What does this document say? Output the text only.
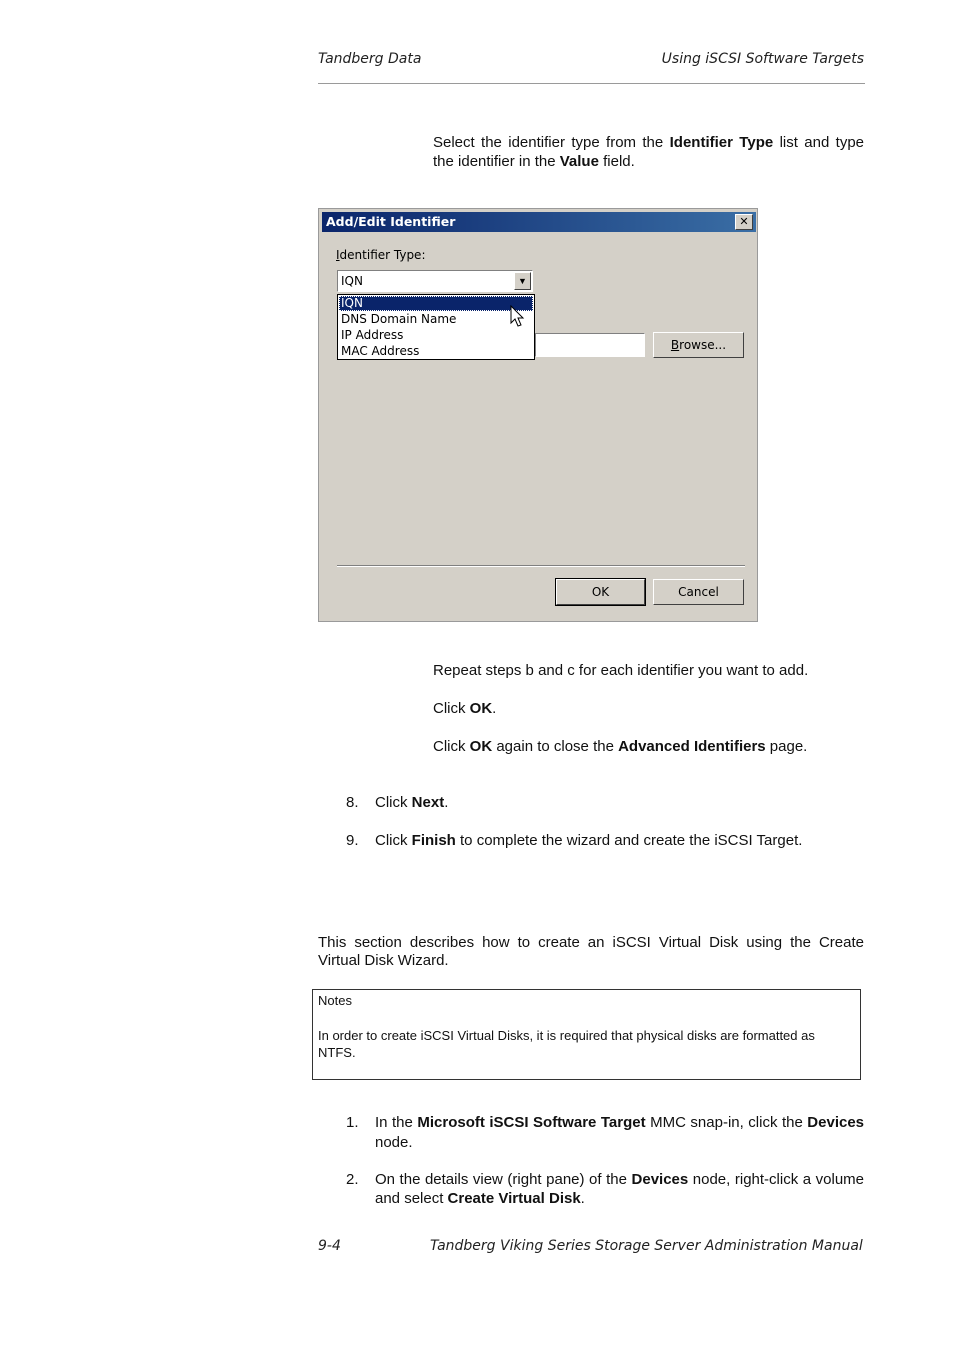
Tandberg Data	Using iSCSI Software Targets
Select the identifier type from the Identifier Type list and type the identifier in the Value field.
Add/Edit Identifier	✕
Identifier Type:
IQN	▼
Browse...
IQN
DNS Domain Name
IP Address
MAC Address
OK	Cancel
Repeat steps b and c for each identifier you want to add.
Click OK.
Click OK again to close the Advanced Identifiers page.
8. Click Next.
9. Click Finish to complete the wizard and create the iSCSI Target.
This section describes how to create an iSCSI Virtual Disk using the Create Virtual Disk Wizard.
Notes
In order to create iSCSI Virtual Disks, it is required that physical disks are formatted as NTFS.
1. In the Microsoft iSCSI Software Target MMC snap-in, click the Devices node.
2. On the details view (right pane) of the Devices node, right-click a volume and select Create Virtual Disk.
9-4	Tandberg Viking Series Storage Server Administration Manual
